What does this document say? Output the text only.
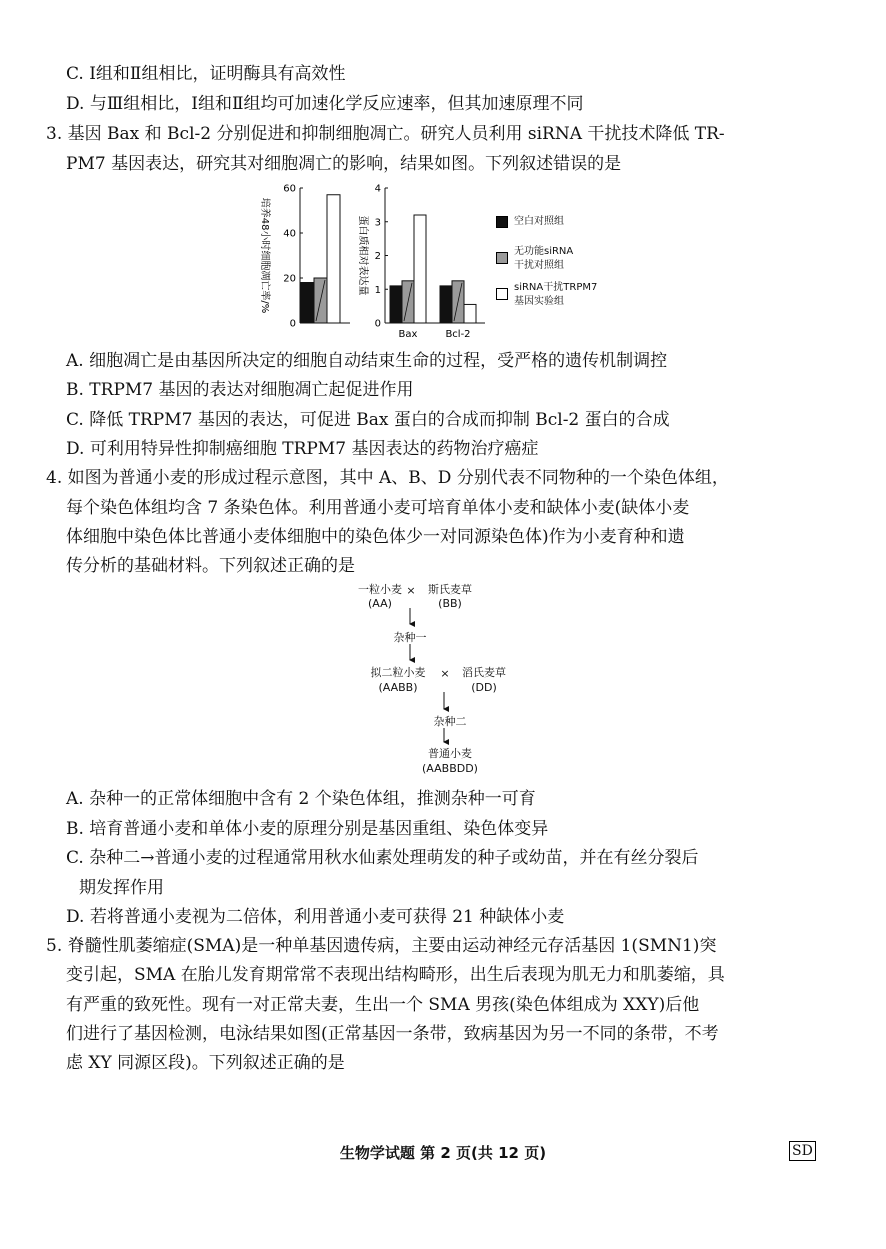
C. Ⅰ组和Ⅱ组相比，证明酶具有高效性
D. 与Ⅲ组相比，Ⅰ组和Ⅱ组均可加速化学反应速率，但其加速原理不同
3. 基因 Bax 和 Bcl-2 分别促进和抑制细胞凋亡。研究人员利用 siRNA 干扰技术降低 TR-
PM7 基因表达，研究其对细胞凋亡的影响，结果如图。下列叙述错误的是
0
20
40
60
培养48小时细胞凋亡率/%
0
1
2
3
4
Bax	Bcl-2
蛋白质相对表达量	空白对照组
无功能siRNA
干扰对照组
siRNA干扰TRPM7
基因实验组
A. 细胞凋亡是由基因所决定的细胞自动结束生命的过程，受严格的遗传机制调控
B. TRPM7 基因的表达对细胞凋亡起促进作用
C. 降低 TRPM7 基因的表达，可促进 Bax 蛋白的合成而抑制 Bcl-2 蛋白的合成
D. 可利用特异性抑制癌细胞 TRPM7 基因表达的药物治疗癌症
4. 如图为普通小麦的形成过程示意图，其中 A、B、D 分别代表不同物种的一个染色体组，
每个染色体组均含 7 条染色体。利用普通小麦可培育单体小麦和缺体小麦(缺体小麦
体细胞中染色体比普通小麦体细胞中的染色体少一对同源染色体)作为小麦育种和遗
传分析的基础材料。下列叙述正确的是
一粒小麦
(AA)
×	斯氏麦草
(BB)
杂种一
拟二粒小麦
(AABB)
×	滔氏麦草
(DD)
杂种二
普通小麦
(AABBDD)
A. 杂种一的正常体细胞中含有 2 个染色体组，推测杂种一可育
B. 培育普通小麦和单体小麦的原理分别是基因重组、染色体变异
C. 杂种二→普通小麦的过程通常用秋水仙素处理萌发的种子或幼苗，并在有丝分裂后
期发挥作用
D. 若将普通小麦视为二倍体，利用普通小麦可获得 21 种缺体小麦
5. 脊髓性肌萎缩症(SMA)是一种单基因遗传病，主要由运动神经元存活基因 1(SMN1)突
变引起，SMA 在胎儿发育期常常不表现出结构畸形，出生后表现为肌无力和肌萎缩，具
有严重的致死性。现有一对正常夫妻，生出一个 SMA 男孩(染色体组成为 XXY)后他
们进行了基因检测，电泳结果如图(正常基因一条带，致病基因为另一不同的条带，不考
虑 XY 同源区段)。下列叙述正确的是
生物学试题 第 2 页(共 12 页)	SD
